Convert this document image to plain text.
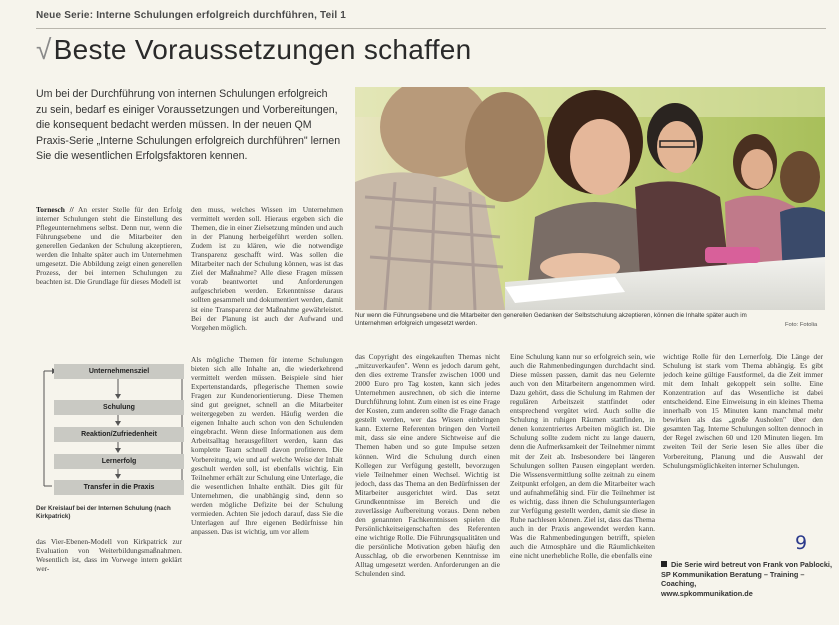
Neue Serie: Interne Schulungen erfolgreich durchführen, Teil 1
√Beste Voraussetzungen schaffen
Um bei der Durchführung von internen Schulungen erfolgreich zu sein, bedarf es einiger Voraussetzungen und Vorbereitungen, die konsequent bedacht werden müssen. In der neuen QM Praxis-Serie „Interne Schulungen erfolgreich durchführen" lernen Sie die wesentlichen Erfolgsfaktoren kennen.
Tornesch // An erster Stelle für den Erfolg interner Schulungen steht die Einstellung des Pflegeunternehmens selbst. Denn nur, wenn die Führungsebene und die Mitarbeiter den generellen Gedanken der Schulung akzeptieren, werden die Inhalte später auch im Unternehmen umgesetzt. Die Abbildung zeigt einen generellen Prozess, der bei internen Schulungen zu beachten ist. Die Grundlage für dieses Modell ist
Unternehmensziel
Schulung
Reaktion/Zufriedenheit
Lernerfolg
Transfer in die Praxis
Der Kreislauf bei der Internen Schulung (nach Kirkpatrick)
das Vier-Ebenen-Modell von Kirkpatrick zur Evaluation von Weiterbildungsmaßnahmen. Wesentlich ist, dass im Vorwege intern geklärt wer-
den muss, welches Wissen im Unternehmen vermittelt werden soll. Hieraus ergeben sich die Themen, die in einer Zielsetzung münden und auch in der Planung herbeigeführt werden sollen. Zudem ist zu klären, wie die notwendige Transparenz geschafft wird. Was sollen die Mitarbeiter nach der Schulung können, was ist das Ziel der Maßnahme? Alle diese Fragen müssen vorab beantwortet und Anforderungen aufgeschrieben werden. Erkenntnisse daraus sollten gesammelt und dokumentiert werden, damit ist eine Transparenz der Maßnahme gewährleistet. Bei der Planung ist auch der Aufwand und Vorgehen möglich.
Als mögliche Themen für interne Schulungen bieten sich alle Inhalte an, die wiederkehrend vermittelt werden müssen. Beispiele sind hier Expertenstandards, pflegerische Themen sowie Fragen zur Kundenorientierung. Diese Themen sind gut geeignet, schnell an die Mitarbeiter weitergegeben zu werden. Häufig werden die eigenen Inhalte auch schon von den Schulenden eingebracht. Wenn diese Informationen aus dem Arbeitsalltag herausgefiltert werden, kann das komplette Team schnell davon profitieren. Die Vorbereitung, wie und auf welche Weise der Inhalt geschult werden soll, ist ebenfalls wichtig. Ein Teilnehmer erhält zur Schulung eine Unterlage, die die wesentlichen Inhalte enthält. Dies gilt für Unternehmen, die unabhängig sind, denn so werden mögliche Defizite bei der Schulung vermieden. Achten Sie jedoch darauf, dass Sie die Unterlagen auf Ihre eigenen Bedürfnisse hin anpassen. Das ist wichtig, um vor allem
Nur wenn die Führungsebene und die Mitarbeiter den generellen Gedanken der Selbstschulung akzeptieren, können die Inhalte später auch im Unternehmen erfolgreich umgesetzt werden.	Foto: Fotolia
das Copyright des eingekauften Themas nicht „mitzuverkaufen". Wenn es jedoch darum geht, den dies extreme Transfer zwischen 1000 und 2000 Euro pro Tag kosten, kann sich jedes Unternehmen ausrechnen, ob sich die interne Durchführung lohnt. Zum einen ist es eine Frage der Kosten, zum anderen sollte die Frage danach gestellt werden, wer das Wissen einbringen kann. Externe Referenten bringen den Vorteil mit, dass sie eine andere Sichtweise auf die Themen haben und so gute Impulse setzen können. Wird die Schulung durch einen Kollegen zur Verfügung gestellt, bevorzugen viele Teilnehmer einen Wechsel. Wichtig ist jedoch, dass das Thema an den Bedürfnissen der Mitarbeiter ausgerichtet wird. Das setzt Grundkenntnisse im Bereich und die zuverlässige Aufbereitung voraus. Denn neben den genannten Fachkenntnissen spielen die Persönlichkeitseigenschaften des Referenten eine wichtige Rolle. Die Führungsqualitäten und die persönliche Motivation geben häufig den Ausschlag, ob die erworbenen Kenntnisse im Alltag umgesetzt werden. Anforderungen an die Schulenden sind.
Eine Schulung kann nur so erfolgreich sein, wie auch die Rahmenbedingungen durchdacht sind. Diese müssen passen, damit das neu Gelernte auch von den Mitarbeitern angenommen wird. Dazu gehört, dass die Schulung im Rahmen der regulären Arbeitszeit stattfindet oder entsprechend vergütet wird. Auch sollte die Schulung in ruhigen Räumen stattfinden, in denen konzentriertes Arbeiten möglich ist. Die Schulung sollte zudem nicht zu lange dauern, denn die Aufmerksamkeit der Teilnehmer nimmt mit der Zeit ab. Insbesondere bei längeren Schulungen sollten Pausen eingeplant werden. Die Wissensvermittlung sollte zeitnah zu einem Zeitpunkt erfolgen, an dem die Mitarbeiter wach und aufnahmefähig sind. Für die Teilnehmer ist es wichtig, dass ihnen die Schulungsunterlagen zur Verfügung gestellt werden, damit sie diese in Ruhe nachlesen können. Ziel ist, dass das Thema auch in der Praxis angewendet werden kann. Was die Rahmenbedingungen betrifft, spielen auch die Atmosphäre und die Räumlichkeiten eine nicht unerhebliche Rolle, die ebenfalls eine
wichtige Rolle für den Lernerfolg. Die Länge der Schulung ist stark vom Thema abhängig. Es gibt jedoch keine gültige Faustformel, da die Zeit immer mit dem Inhalt gekoppelt sein sollte. Eine Konzentration auf das Wesentliche ist dabei entscheidend. Eine Einweisung in ein kleines Thema innerhalb von 15 Minuten kann manchmal mehr bewirken als das „große Ausholen" über den gesamten Tag. Interne Schulungen sollten dennoch in der Regel zwischen 60 und 120 Minuten liegen. Im zweiten Teil der Serie lesen Sie alles über die Vorbereitung, Planung und die Auswahl der Schulungsmöglichkeiten interner Schulungen.
9
Die Serie wird betreut von Frank von Pablocki, SP Kommunikation Beratung – Training – Coaching,
www.spkommunikation.de
